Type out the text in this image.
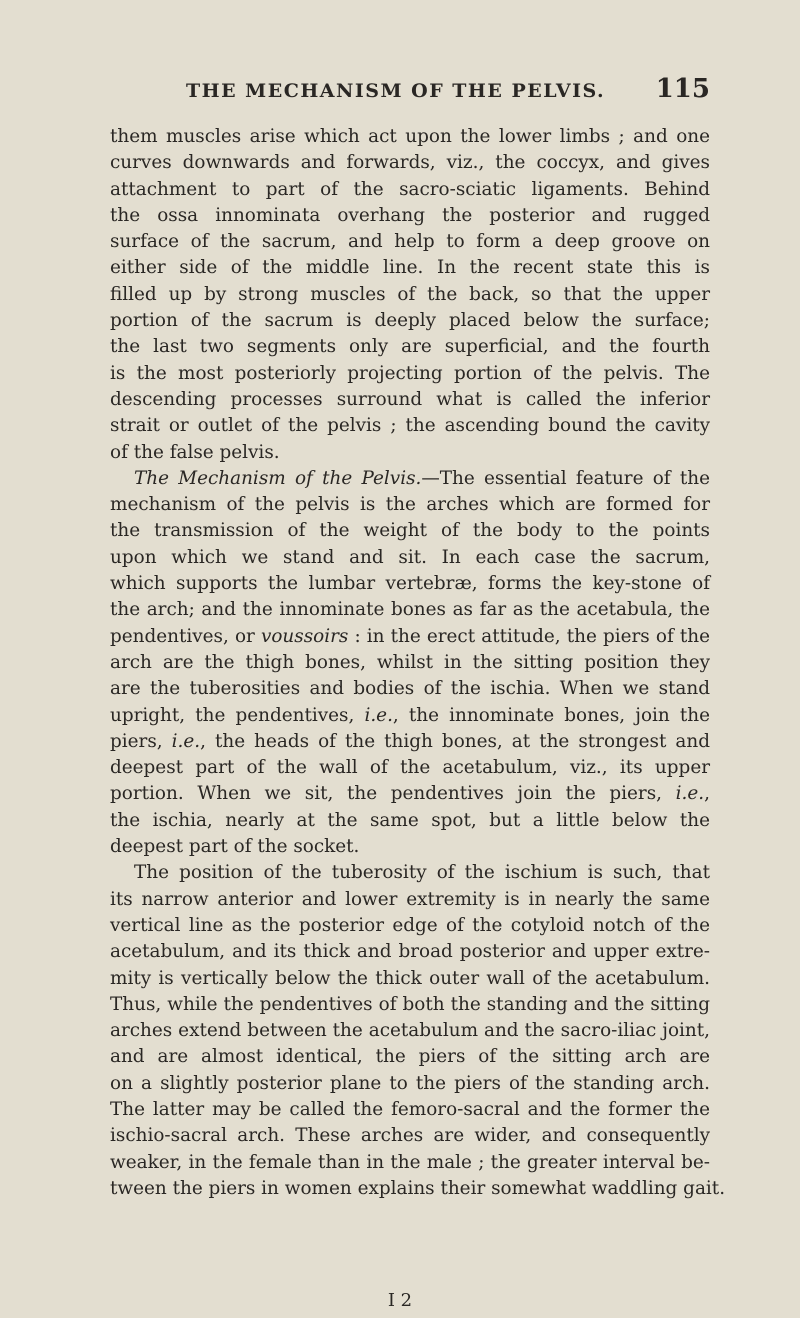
THE MECHANISM OF THE PELVIS. 115
them muscles arise which act upon the lower limbs ; and one
curves downwards and forwards, viz., the coccyx, and gives
attachment to part of the sacro-sciatic ligaments. Behind
the ossa innominata overhang the posterior and rugged
surface of the sacrum, and help to form a deep groove on
either side of the middle line. In the recent state this is
filled up by strong muscles of the back, so that the upper
portion of the sacrum is deeply placed below the surface;
the last two segments only are superficial, and the fourth
is the most posteriorly projecting portion of the pelvis. The
descending processes surround what is called the inferior
strait or outlet of the pelvis ; the ascending bound the cavity
of the false pelvis.
The Mechanism of the Pelvis.—The essential feature of the
mechanism of the pelvis is the arches which are formed for
the transmission of the weight of the body to the points
upon which we stand and sit. In each case the sacrum,
which supports the lumbar vertebræ, forms the key-stone of
the arch; and the innominate bones as far as the acetabula, the
pendentives, or voussoirs : in the erect attitude, the piers of the
arch are the thigh bones, whilst in the sitting position they
are the tuberosities and bodies of the ischia. When we stand
upright, the pendentives, i.e., the innominate bones, join the
piers, i.e., the heads of the thigh bones, at the strongest and
deepest part of the wall of the acetabulum, viz., its upper
portion. When we sit, the pendentives join the piers, i.e.,
the ischia, nearly at the same spot, but a little below the
deepest part of the socket.
The position of the tuberosity of the ischium is such, that
its narrow anterior and lower extremity is in nearly the same
vertical line as the posterior edge of the cotyloid notch of the
acetabulum, and its thick and broad posterior and upper extre-
mity is vertically below the thick outer wall of the acetabulum.
Thus, while the pendentives of both the standing and the sitting
arches extend between the acetabulum and the sacro-iliac joint,
and are almost identical, the piers of the sitting arch are
on a slightly posterior plane to the piers of the standing arch.
The latter may be called the femoro-sacral and the former the
ischio-sacral arch. These arches are wider, and consequently
weaker, in the female than in the male ; the greater interval be-
tween the piers in women explains their somewhat waddling gait.
I 2
